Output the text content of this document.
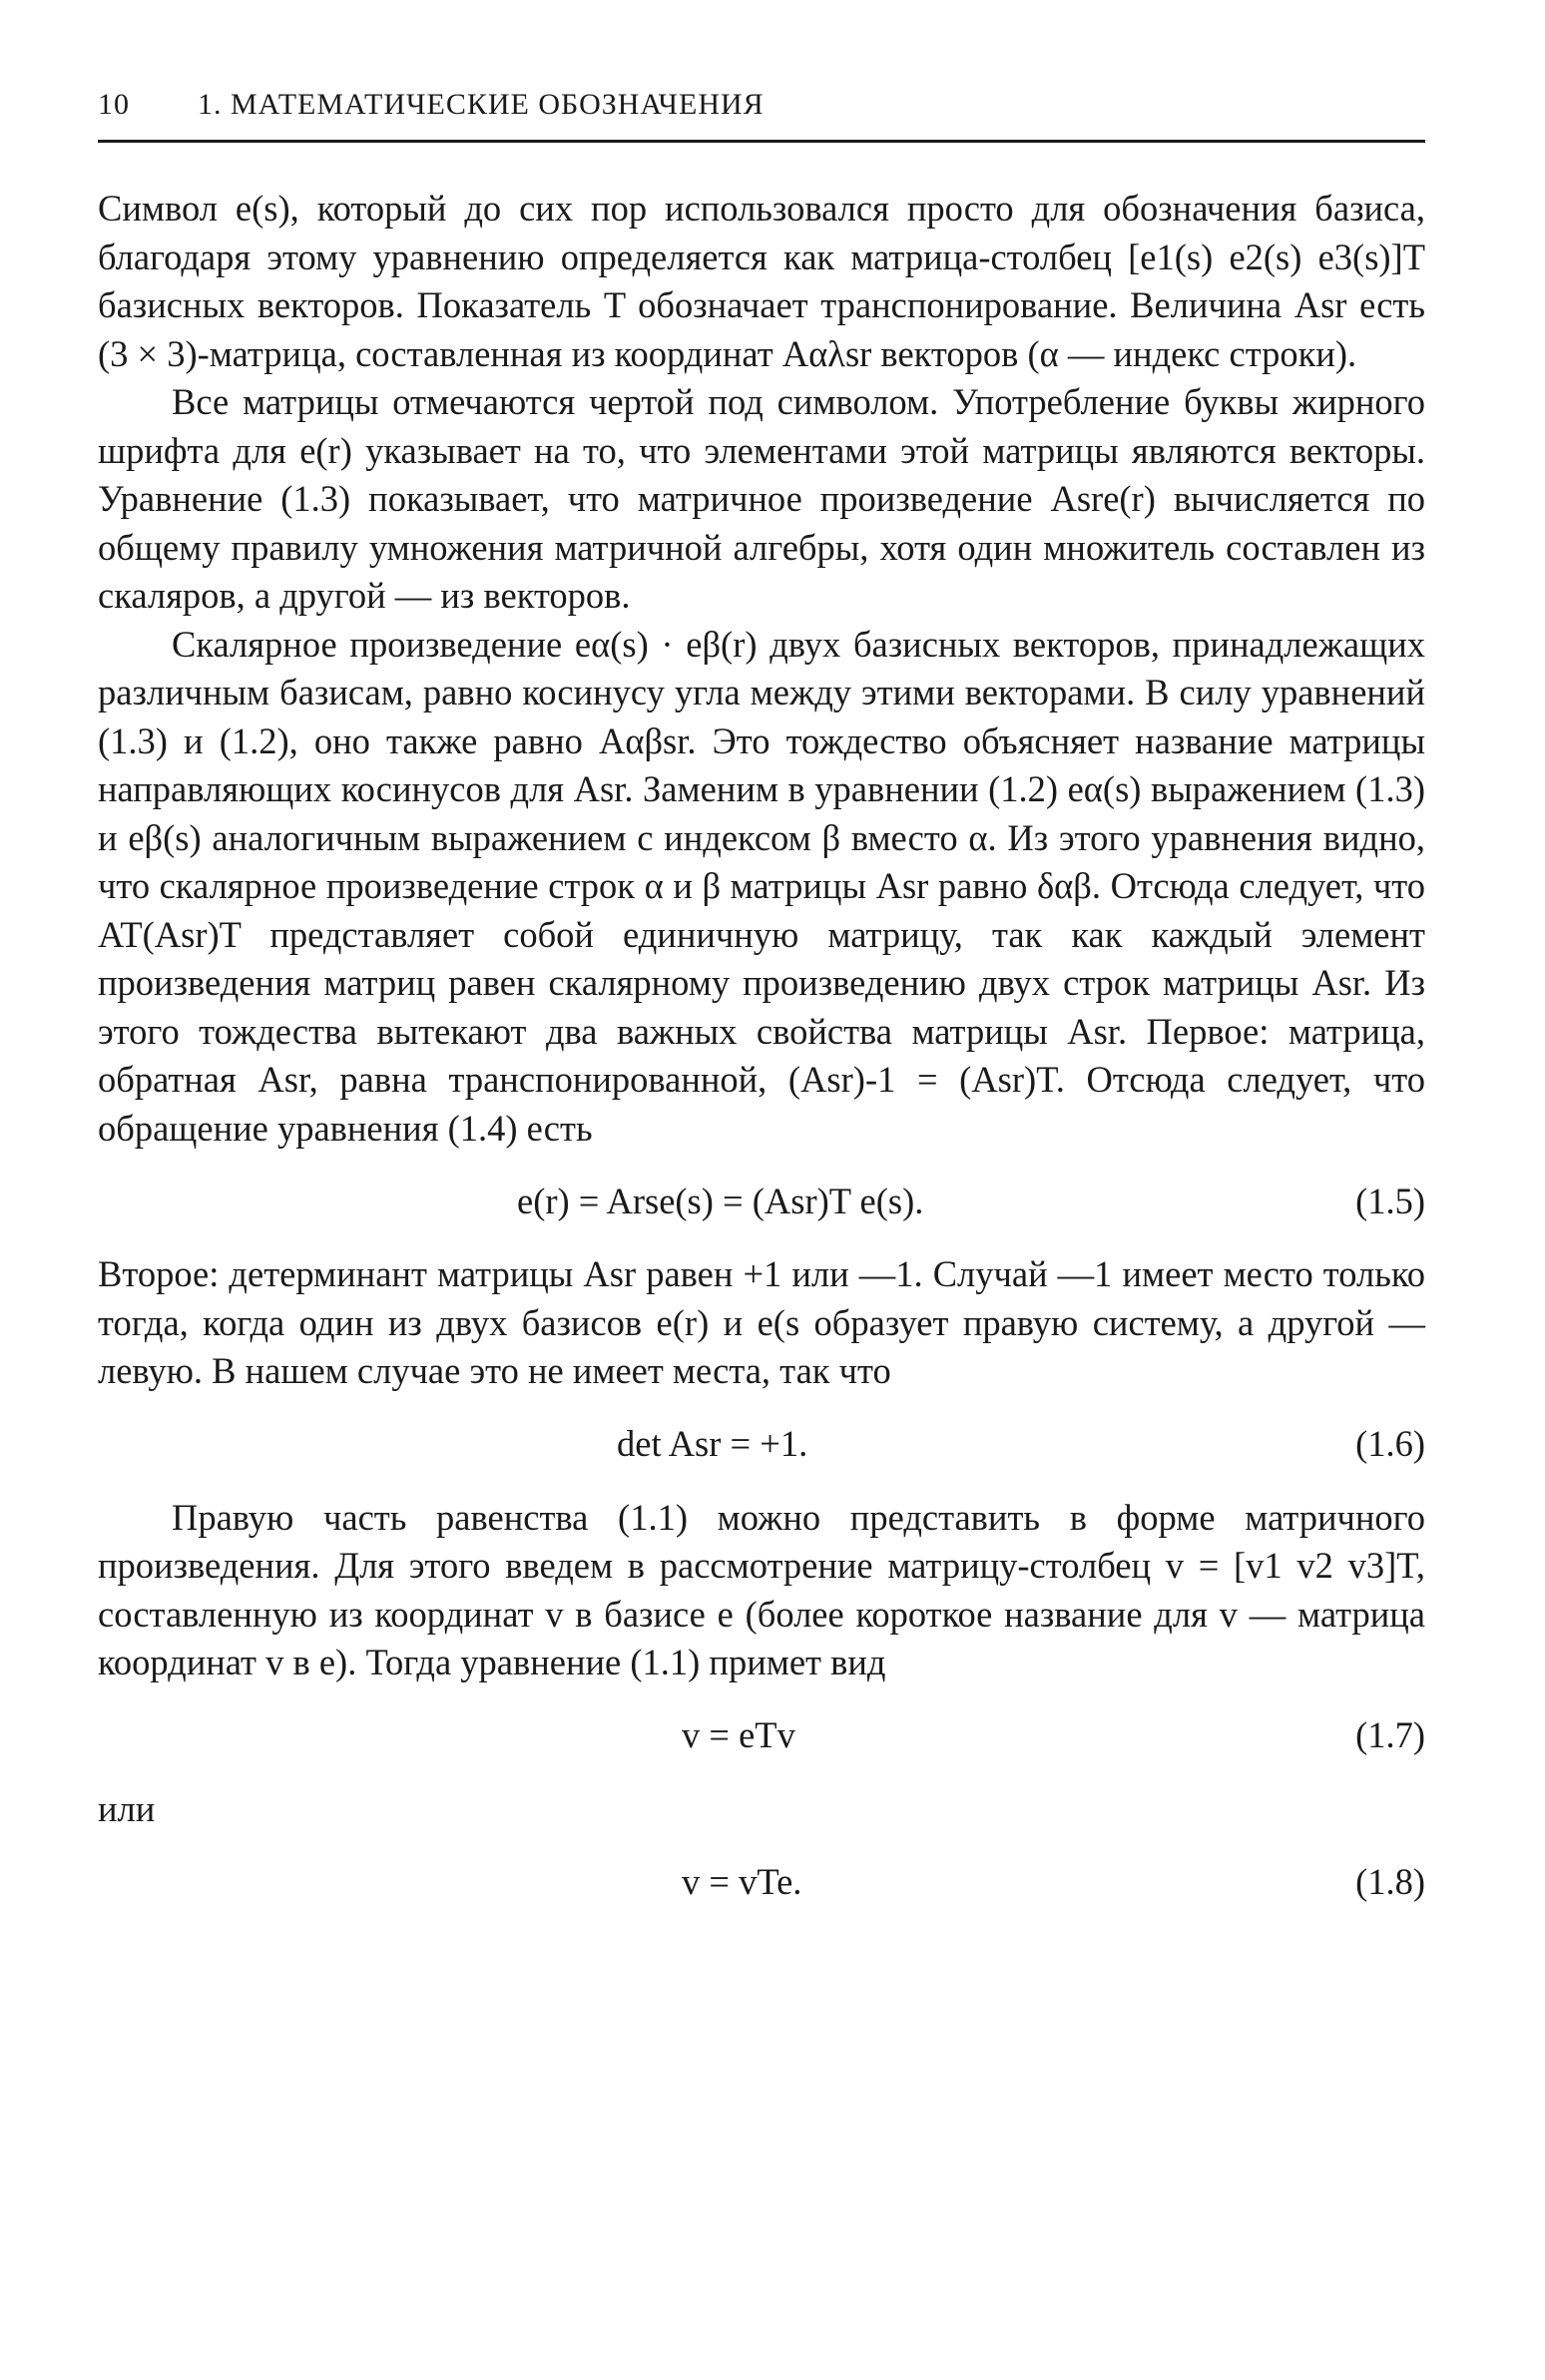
10 1. МАТЕМАТИЧЕСКИЕ ОБОЗНАЧЕНИЯ

Символ e(s), который до сих пор использовался просто для обозначения базиса, благодаря этому уравнению определяется как матрица-столбец [e1(s) e2(s) e3(s)]T базисных векторов. Показатель T обозначает транспонирование. Величина Asr есть (3 × 3)-матрица, составленная из координат Aαλsr векторов (α — индекс строки).

Все матрицы отмечаются чертой под символом. Употребление буквы жирного шрифта для e(r) указывает на то, что элементами этой матрицы являются векторы. Уравнение (1.3) показывает, что матричное произведение Asre(r) вычисляется по общему правилу умножения матричной алгебры, хотя один множитель составлен из скаляров, а другой — из векторов.

Скалярное произведение eα(s) · eβ(r) двух базисных векторов, принадлежащих различным базисам, равно косинусу угла между этими векторами. В силу уравнений (1.3) и (1.2), оно также равно Aαβsr. Это тождество объясняет название матрицы направляющих косинусов для Asr. Заменим в уравнении (1.2) eα(s) выражением (1.3) и eβ(s) аналогичным выражением с индексом β вместо α. Из этого уравнения видно, что скалярное произведение строк α и β матрицы Asr равно δαβ. Отсюда следует, что AT(Asr)T представляет собой единичную матрицу, так как каждый элемент произведения матриц равен скалярному произведению двух строк матрицы Asr. Из этого тождества вытекают два важных свойства матрицы Asr. Первое: матрица, обратная Asr, равна транспонированной, (Asr)-1 = (Asr)T. Отсюда следует, что обращение уравнения (1.4) есть

e(r) = Arse(s) = (Asr)T e(s).	(1.5)

Второе: детерминант матрицы Asr равен +1 или —1. Случай —1 имеет место только тогда, когда один из двух базисов e(r) и e(s образует правую систему, а другой — левую. В нашем случае это не имеет места, так что

det Asr = +1.	(1.6)

Правую часть равенства (1.1) можно представить в форме матричного произведения. Для этого введем в рассмотрение матрицу-столбец v = [v1 v2 v3]T, составленную из координат v в базисе e (более короткое название для v — матрица координат v в e). Тогда уравнение (1.1) примет вид

v = eTv	(1.7)

или

v = vTe.	(1.8)
